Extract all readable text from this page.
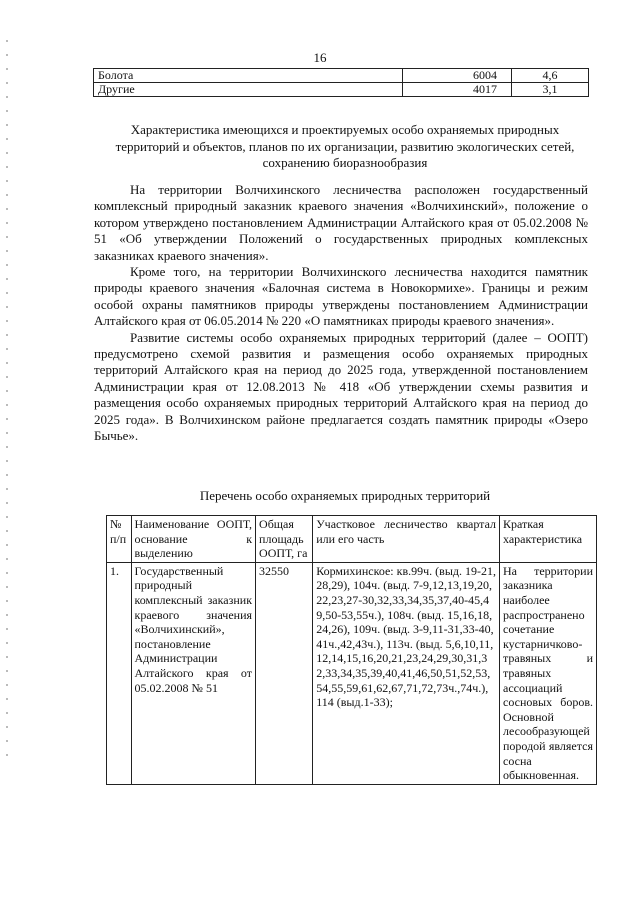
16
Болота	6004	4,6
Другие	4017	3,1
Характеристика имеющихся и проектируемых особо охраняемых природных территорий и объектов, планов по их организации, развитию экологических сетей, сохранению биоразнообразия

На территории Волчихинского лесничества расположен государственный комплексный природный заказник краевого значения «Волчихинский», положение о котором утверждено постановлением Администрации Алтайского края от 05.02.2008 № 51 «Об утверждении Положений о государственных природных комплексных заказниках краевого значения».

Кроме того, на территории Волчихинского лесничества находится памятник природы краевого значения «Балочная система в Новокормихе». Границы и режим особой охраны памятников природы утверждены постановлением Администрации Алтайского края от 06.05.2014 № 220 «О памятниках природы краевого значения».

Развитие системы особо охраняемых природных территорий (далее – ООПТ) предусмотрено схемой развития и размещения особо охраняемых природных территорий Алтайского края на период до 2025 года, утвержденной постановлением Администрации края от 12.08.2013 № 418 «Об утверждении схемы развития и размещения особо охраняемых природных территорий Алтайского края на период до 2025 года». В Волчихинском районе предлагается создать памятник природы «Озеро Бычье».

Перечень особо охраняемых природных территорий
№ п/п	Наименование ООПТ, основание к выделению	Общая площадь ООПТ, га	Участковое лесничество квартал или его часть	Краткая характеристика
1.	Государственный природный комплексный заказник краевого значения «Волчихинский», постановление Администрации Алтайского края от 05.02.2008 № 51	32550	Кормихинское: кв.99ч. (выд. 19-21,28,29), 104ч. (выд. 7-9,12,13,19,20,22,23,27-30,32,33,34,35,37,40-45,49,50-53,55ч.), 108ч. (выд. 15,16,18,24,26), 109ч. (выд. 3-9,11-31,33-40,41ч.,42,43ч.), 113ч. (выд. 5,6,10,11,12,14,15,16,20,21,23,24,29,30,31,32,33,34,35,39,40,41,46,50,51,52,53,54,55,59,61,62,67,71,72,73ч.,74ч.), 114 (выд.1-33);	На территории заказника наиболее распространено сочетание кустарничково-травяных и травяных ассоциаций сосновых боров. Основной лесообразующей породой является сосна обыкновенная.
